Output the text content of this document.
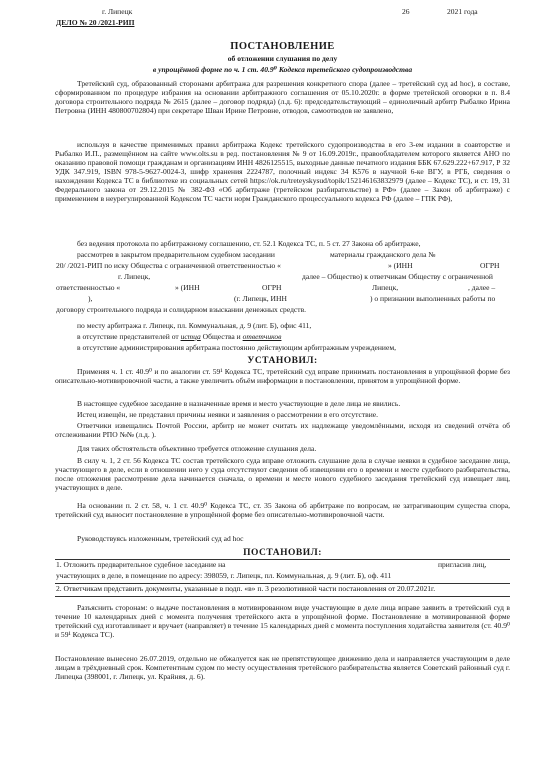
г. Липецк	26	2021 года
ДЕЛО № 20 /2021-РИП
ПОСТАНОВЛЕНИЕ
об отложении слушания по делу
в упрощённой форме по ч. 1 ст. 40.9⁰ Кодекса третейского судопроизводства

Третейский суд, образованный сторонами арбитража для разрешения конкретного спора (далее – третейский суд ad hoc), в составе, сформированном по процедуре избрания на основании арбитражного соглашения от 05.10.2020г. в форме третейской оговорки в п. 8.4 договора строительного подряда № 2615 (далее – договор подряда) (л.д. 6): председательствующий – единоличный арбитр Рыбалко Ирина Петровна (ИНН 480800702804) при секретаре Шван Ирине Петровне, отводов, самоотводов не заявлено,

используя в качестве применимых правил арбитража Кодекс третейского судопроизводства в его 3-ем издании в соавторстве и Рыбалко И.П., размещённом на сайте www.olts.su в ред. постановления № 9 от 16.09.2019г., правообладателем которого является АНО по оказанию правовой помощи гражданам и организациям ИНН 4826125515, выходные данные печатного издания ББК 67.629.222+67.917, Р 32 УДК 347.919, ISBN 978-5-9627-0024-3, шифр хранения 2224787, полочный индекс 34 К576 в научной 6-ке ВГУ, в РГБ, сведения о нахождении Кодекса ТС в библиотеке из социальных сетей https://ok.ru/treteyskysud/topik/152146163832979 (далее – Кодекс ТС), и ст. 19, 31 Федерального закона от 29.12.2015 № 382-ФЗ «Об арбитраже (третейском разбирательстве) в РФ» (далее – Закон об арбитраже) с применением в неурегулированной Кодексом ТС части норм Гражданского процессуального кодекса РФ (далее – ГПК РФ),

без ведения протокола по арбитражному соглашению, ст. 52.1 Кодекса ТС, п. 5 ст. 27 Закона об арбитраже,

рассмотрев в закрытом предварительном судебном заседании	материалы гражданского дела №
20/ /2021-РИП по иску Общества с ограниченной ответственностью «	» (ИНН	ОГРН
г. Липецк,	далее – Общество) к ответчикам Обществу с ограниченной
ответственностью «	» (ИНН	ОГРН	Липецк,	, далее –
),	(г. Липецк, ИНН	) о признании выполненных работы по
договору строительного подряда и солидарном взыскании денежных средств.
по месту арбитража г. Липецк, пл. Коммунальная, д. 9 (лит. Б), офис 411,
в отсутствие представителей от истца Общества и ответчиков
в отсутствие администрирования арбитража постоянно действующим арбитражным учреждением,
УСТАНОВИЛ:

Применяя ч. 1 ст. 40.9⁰ и по аналогии ст. 59¹ Кодекса ТС, третейский суд вправе принимать постановления в упрощённой форме без описательно-мотивировочной части, а также увеличить объём информации в постановлении, принятом в упрощённой форме.

В настоящее судебное заседание в назначенные время и место участвующие в деле лица не явились.

Истец извещён, не представил причины неявки и заявления о рассмотрении в его отсутствие.

Ответчики извещались Почтой России, арбитр не может считать их надлежаще уведомлёнными, исходя из сведений отчёта об отслеживании РПО №№ (л.д. ).

Для таких обстоятельств объективно требуется отложение слушания дела.

В силу ч. 1, 2 ст. 56 Кодекса ТС состав третейского суда вправе отложить слушание дела в случае неявки в судебное заседание лица, участвующего в деле, если в отношении него у суда отсутствуют сведения об извещении его о времени и месте судебного разбирательства, после отложения рассмотрение дела начинается сначала, о времени и месте нового судебного заседания третейский суд извещает лиц, участвующих в деле.

На основании п. 2 ст. 58, ч. 1 ст. 40.9⁰ Кодекса ТС, ст. 35 Закона об арбитраже по вопросам, не затрагивающим существа спора, третейский суд выносит постановление в упрощённой форме без описательно-мотивировочной части.

Руководствуясь изложенным, третейский суд ad hoc

ПОСТАНОВИЛ:
1. Отложить предварительное судебное заседание на	пригласив лиц,
участвующих в деле, в помещение по адресу: 398059, г. Липецк, пл. Коммунальная, д. 9 (лит. Б), оф. 411
2. Ответчикам представить документы, указанные в подп. «в» п. 3 резолютивной части постановления от 20.07.2021г.

Разъяснить сторонам: о выдаче постановления в мотивированном виде участвующие в деле лица вправе заявить в третейский суд в течение 10 календарных дней с момента получения третейского акта в упрощённой форме. Постановление в мотивированной форме третейский суд изготавливает и вручает (направляет) в течение 15 календарных дней с момента поступления ходатайства заявителя (ст. 40.9⁰ и 59¹ Кодекса ТС).

Постановление вынесено 26.07.2019, отдельно не обжалуется как не препятствующее движению дела и направляется участвующим в деле лицам в трёхдневный срок. Компетентным судом по месту осуществления третейского разбирательства является Советский районный суд г. Липецка (398001, г. Липецк, ул. Крайняя, д. 6).
